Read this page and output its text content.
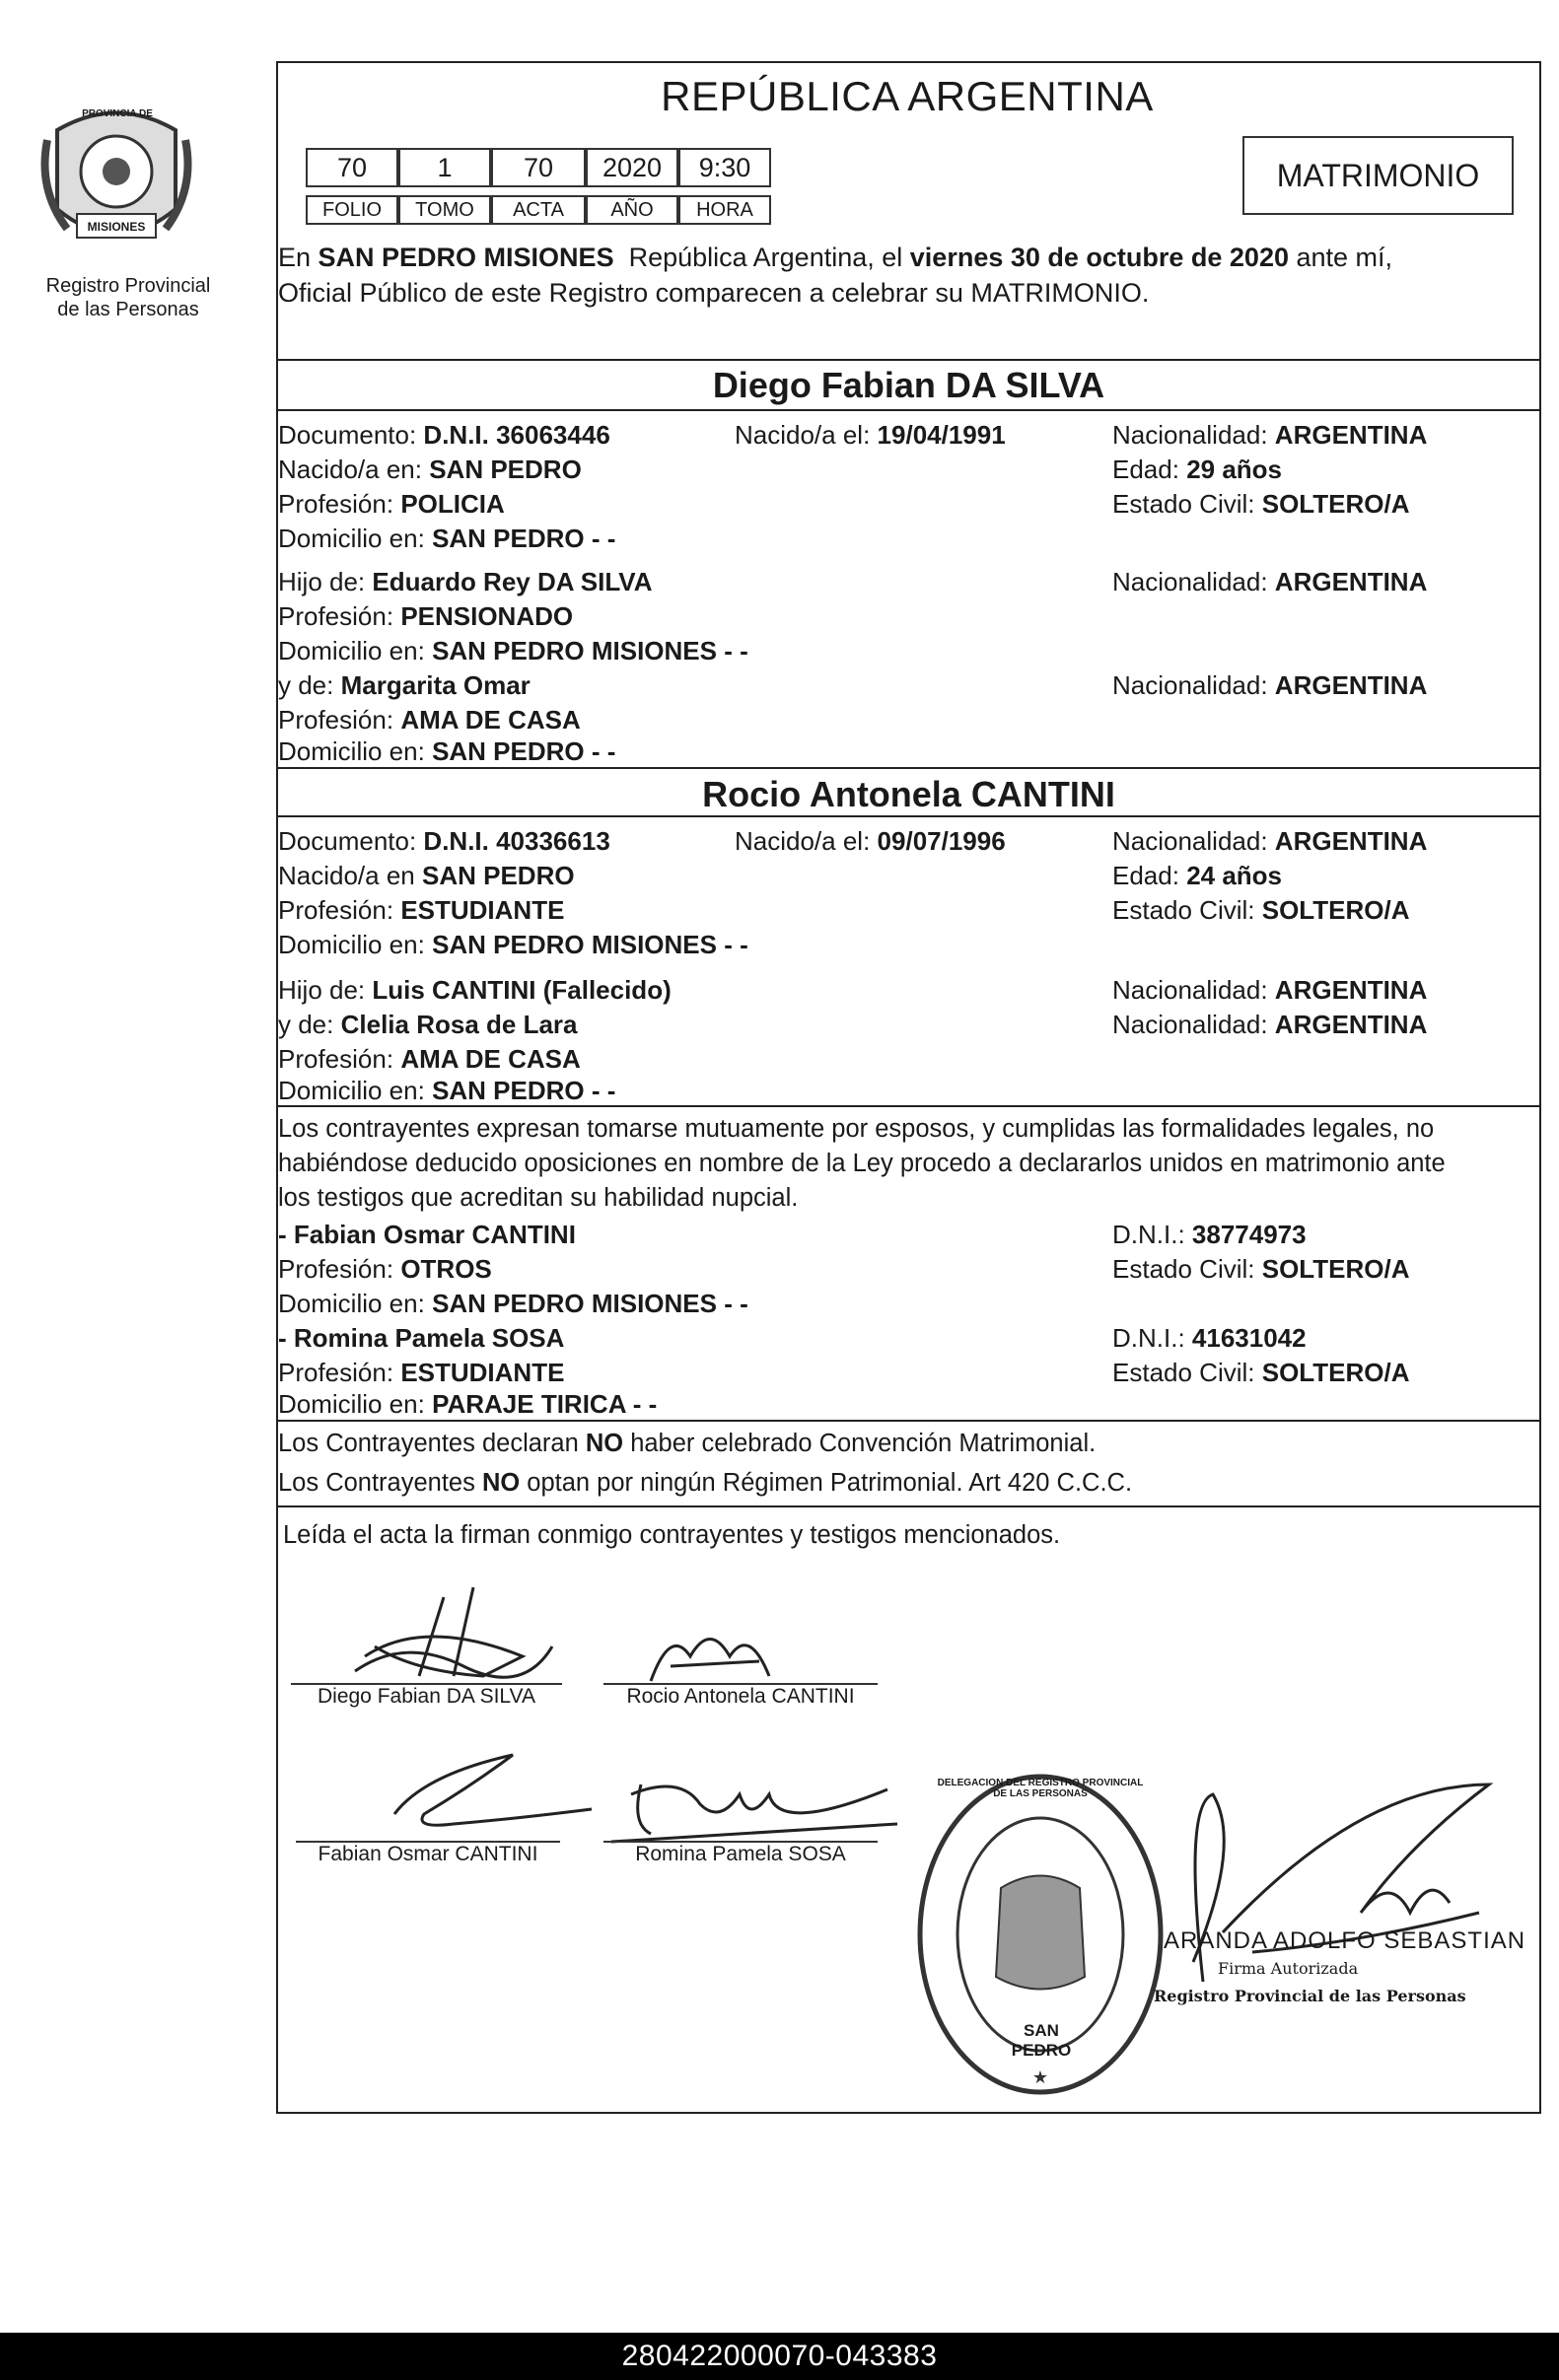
PROVINCIA DE
MISIONES
Registro Provincial
de las Personas
REPÚBLICA ARGENTINA
70	1	70	2020	9:30
FOLIO	TOMO	ACTA	AÑO	HORA
MATRIMONIO
En SAN PEDRO MISIONES  República Argentina, el viernes 30 de octubre de 2020 ante mí,
Oficial Público de este Registro comparecen a celebrar su MATRIMONIO.
Diego Fabian DA SILVA
Documento: D.N.I. 36063446	Nacido/a el: 19/04/1991	Nacionalidad: ARGENTINA
Nacido/a en: SAN PEDRO	Edad: 29 años
Profesión: POLICIA	Estado Civil: SOLTERO/A
Domicilio en: SAN PEDRO - -
Hijo de: Eduardo Rey DA SILVA	Nacionalidad: ARGENTINA
Profesión: PENSIONADO
Domicilio en: SAN PEDRO MISIONES - -
y de: Margarita Omar	Nacionalidad: ARGENTINA
Profesión: AMA DE CASA
Domicilio en: SAN PEDRO - -
Rocio Antonela CANTINI
Documento: D.N.I. 40336613	Nacido/a el: 09/07/1996	Nacionalidad: ARGENTINA
Nacido/a en SAN PEDRO	Edad: 24 años
Profesión: ESTUDIANTE	Estado Civil: SOLTERO/A
Domicilio en: SAN PEDRO MISIONES - -
Hijo de: Luis CANTINI (Fallecido)	Nacionalidad: ARGENTINA
y de: Clelia Rosa de Lara	Nacionalidad: ARGENTINA
Profesión: AMA DE CASA
Domicilio en: SAN PEDRO - -
Los contrayentes expresan tomarse mutuamente por esposos, y cumplidas las formalidades legales, no
habiéndose deducido oposiciones en nombre de la Ley procedo a declararlos unidos en matrimonio ante
los testigos que acreditan su habilidad nupcial.
- Fabian Osmar CANTINI	D.N.I.: 38774973
Profesión: OTROS	Estado Civil: SOLTERO/A
Domicilio en: SAN PEDRO MISIONES - -
- Romina Pamela SOSA	D.N.I.: 41631042
Profesión: ESTUDIANTE	Estado Civil: SOLTERO/A
Domicilio en: PARAJE TIRICA - -
Los Contrayentes declaran NO haber celebrado Convención Matrimonial.
Los Contrayentes NO optan por ningún Régimen Patrimonial. Art 420 C.C.C.
Leída el acta la firman conmigo contrayentes y testigos mencionados.
Diego Fabian DA SILVA	Rocio Antonela CANTINI
Fabian Osmar CANTINI	Romina Pamela SOSA
★
SAN PEDRO
DELEGACION DEL REGISTRO PROVINCIAL DE LAS PERSONAS
ARANDA ADOLFO SEBASTIAN
Firma Autorizada
Registro Provincial de las Personas
280422000070-043383
